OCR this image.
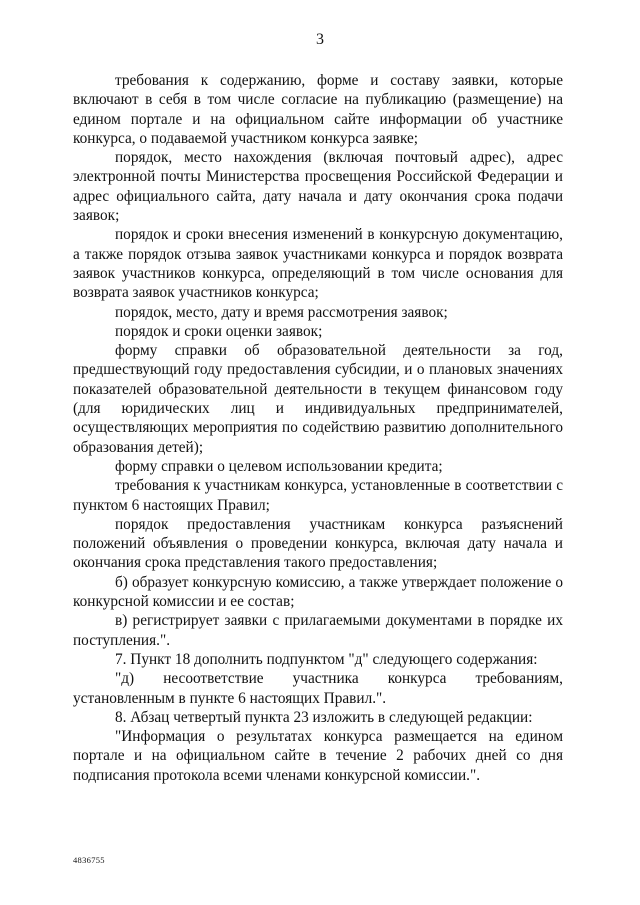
3

требования к содержанию, форме и составу заявки, которые включают в себя в том числе согласие на публикацию (размещение) на едином портале и на официальном сайте информации об участнике конкурса, о подаваемой участником конкурса заявке;

порядок, место нахождения (включая почтовый адрес), адрес электронной почты Министерства просвещения Российской Федерации и адрес официального сайта, дату начала и дату окончания срока подачи заявок;

порядок и сроки внесения изменений в конкурсную документацию, а также порядок отзыва заявок участниками конкурса и порядок возврата заявок участников конкурса, определяющий в том числе основания для возврата заявок участников конкурса;

порядок, место, дату и время рассмотрения заявок;

порядок и сроки оценки заявок;

форму справки об образовательной деятельности за год, предшествующий году предоставления субсидии, и о плановых значениях показателей образовательной деятельности в текущем финансовом году (для юридических лиц и индивидуальных предпринимателей, осуществляющих мероприятия по содействию развитию дополнительного образования детей);

форму справки о целевом использовании кредита;

требования к участникам конкурса, установленные в соответствии с пунктом 6 настоящих Правил;

порядок предоставления участникам конкурса разъяснений положений объявления о проведении конкурса, включая дату начала и окончания срока представления такого предоставления;

б) образует конкурсную комиссию, а также утверждает положение о конкурсной комиссии и ее состав;

в) регистрирует заявки с прилагаемыми документами в порядке их поступления.".

7. Пункт 18 дополнить подпунктом "д" следующего содержания:

"д) несоответствие участника конкурса требованиям, установленным в пункте 6 настоящих Правил.".

8. Абзац четвертый пункта 23 изложить в следующей редакции:

"Информация о результатах конкурса размещается на едином портале и на официальном сайте в течение 2 рабочих дней со дня подписания протокола всеми членами конкурсной комиссии.".

4836755
